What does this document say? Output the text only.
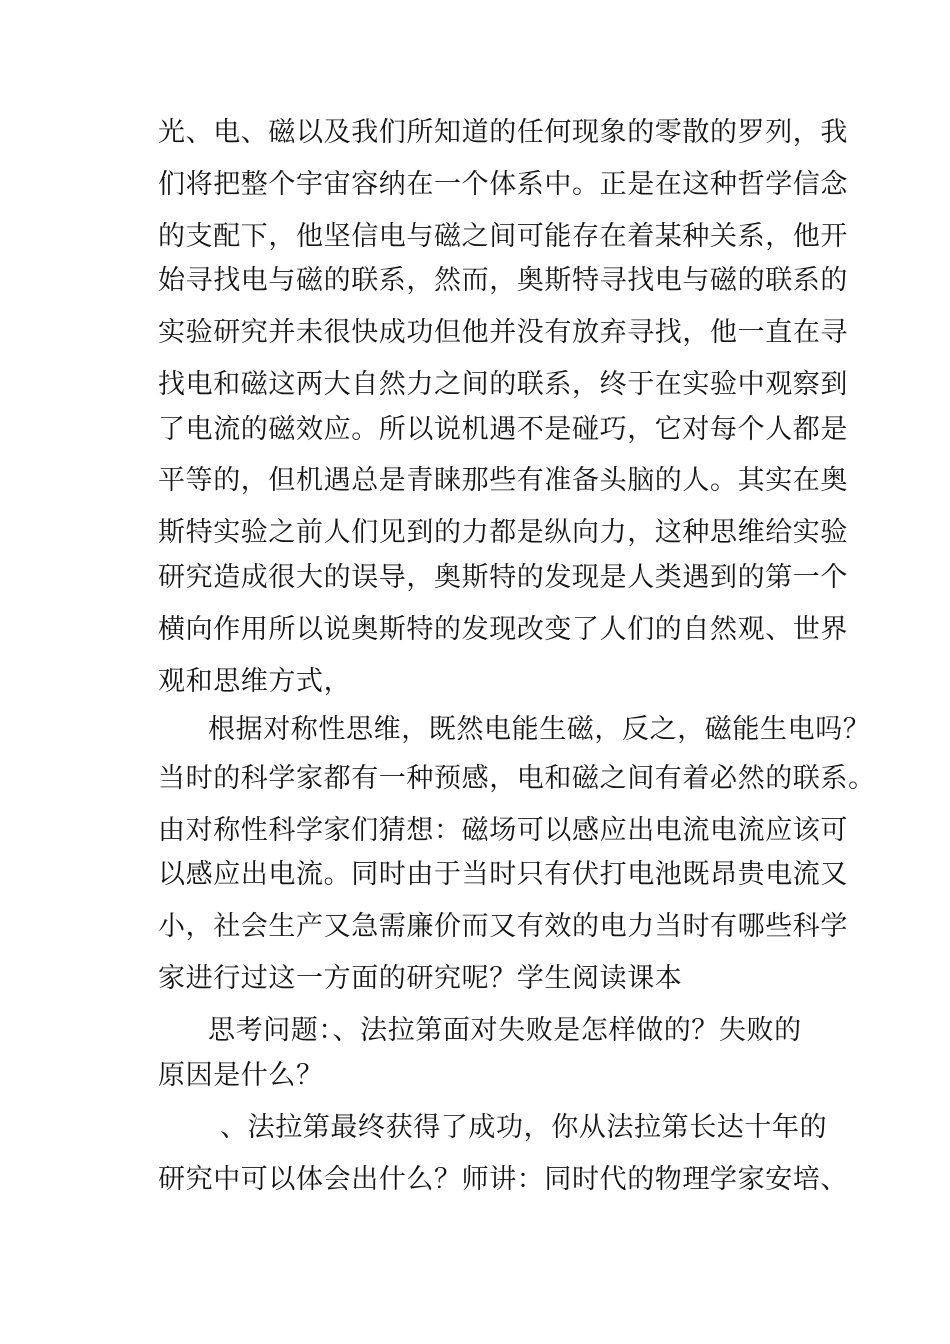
光、电、磁以及我们所知道的任何现象的零散的罗列，我

们将把整个宇宙容纳在一个体系中。正是在这种哲学信念

的支配下，他坚信电与磁之间可能存在着某种关系，他开

始寻找电与磁的联系，然而，奥斯特寻找电与磁的联系的

实验研究并未很快成功但他并没有放弃寻找，他一直在寻

找电和磁这两大自然力之间的联系，终于在实验中观察到

了电流的磁效应。所以说机遇不是碰巧，它对每个人都是

平等的，但机遇总是青睐那些有准备头脑的人。其实在奥

斯特实验之前人们见到的力都是纵向力，这种思维给实验

研究造成很大的误导，奥斯特的发现是人类遇到的第一个

横向作用所以说奥斯特的发现改变了人们的自然观、世界

观和思维方式，

根据对称性思维，既然电能生磁，反之，磁能生电吗？

当时的科学家都有一种预感，电和磁之间有着必然的联系。

由对称性科学家们猜想：磁场可以感应出电流电流应该可

以感应出电流。同时由于当时只有伏打电池既昂贵电流又

小，社会生产又急需廉价而又有效的电力当时有哪些科学

家进行过这一方面的研究呢？学生阅读课本

思考问题：、法拉第面对失败是怎样做的？失败的

原因是什么？

、法拉第最终获得了成功，你从法拉第长达十年的

研究中可以体会出什么？师讲：同时代的物理学家安培、
